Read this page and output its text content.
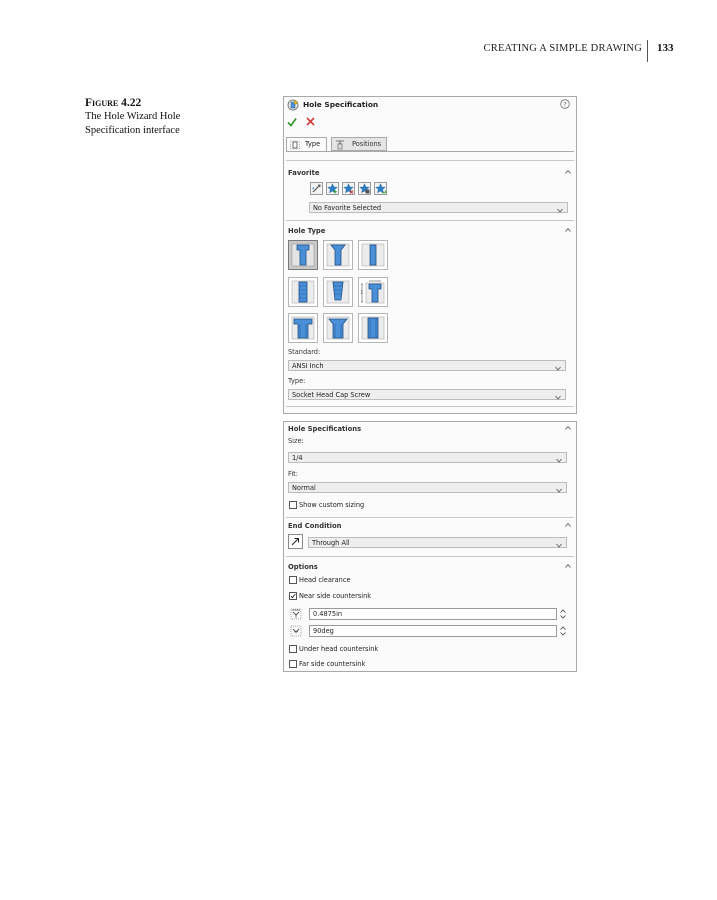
CREATING A SIMPLE DRAWING 133
Figure 4.22
The Hole Wizard Hole Specification interface
Hole Specification	?
Type	Positions
Favorite
No Favorite Selected
Hole Type
1
Standard:
ANSI Inch
Type:
Socket Head Cap Screw
Hole Specifications
Size:
1/4
Fit:
Normal
Show custom sizing
End Condition
Through All
Options
Head clearance
Near side countersink
0.4875in
90deg
Under head countersink
Far side countersink
